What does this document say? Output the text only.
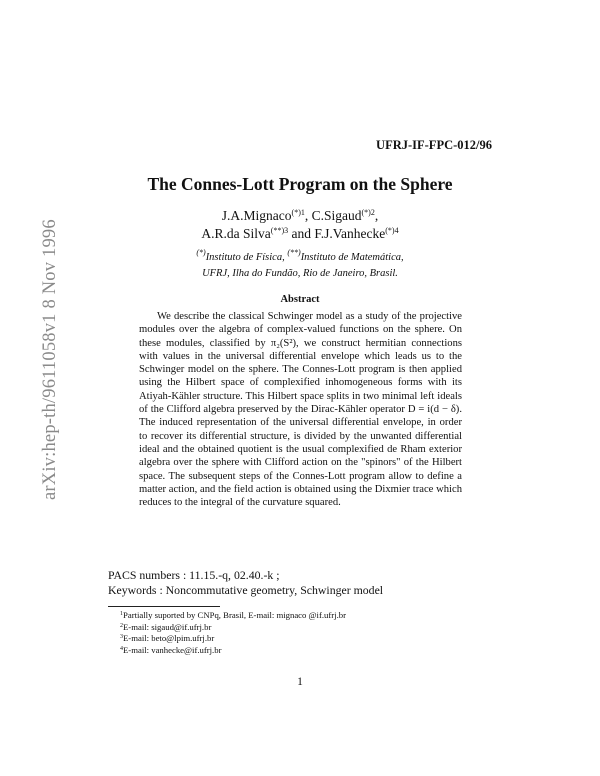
arXiv:hep-th/9611058v1 8 Nov 1996
UFRJ-IF-FPC-012/96
The Connes-Lott Program on the Sphere
J.A.Mignaco$^{(*)1}$, C.Sigaud$^{(*)2}$,
A.R.da Silva$^{(**)3}$ and F.J.Vanhecke$^{(*)4}$
(*)Instituto de Física, (**)Instituto de Matemática,
UFRJ, Ilha do Fundão, Rio de Janeiro, Brasil.
Abstract

We describe the classical Schwinger model as a study of the projective modules over the algebra of complex-valued functions on the sphere. On these modules, classified by π₂(S²), we construct hermitian connections with values in the universal differential envelope which leads us to the Schwinger model on the sphere. The Connes-Lott program is then applied using the Hilbert space of complexified inhomogeneous forms with its Atiyah-Kähler structure. This Hilbert space splits in two minimal left ideals of the Clifford algebra preserved by the Dirac-Kähler operator D = i(d − δ). The induced representation of the universal differential envelope, in order to recover its differential structure, is divided by the unwanted differential ideal and the obtained quotient is the usual complexified de Rham exterior algebra over the sphere with Clifford action on the "spinors" of the Hilbert space. The subsequent steps of the Connes-Lott program allow to define a matter action, and the field action is obtained using the Dixmier trace which reduces to the integral of the curvature squared.

PACS numbers : 11.15.-q, 02.40.-k ;
Keywords : Noncommutative geometry, Schwinger model
$^1$Partially suported by CNPq, Brasil, E-mail: mignaco @if.ufrj.br
$^2$E-mail: sigaud@if.ufrj.br
$^3$E-mail: beto@lpim.ufrj.br
$^4$E-mail: vanhecke@if.ufrj.br
1
